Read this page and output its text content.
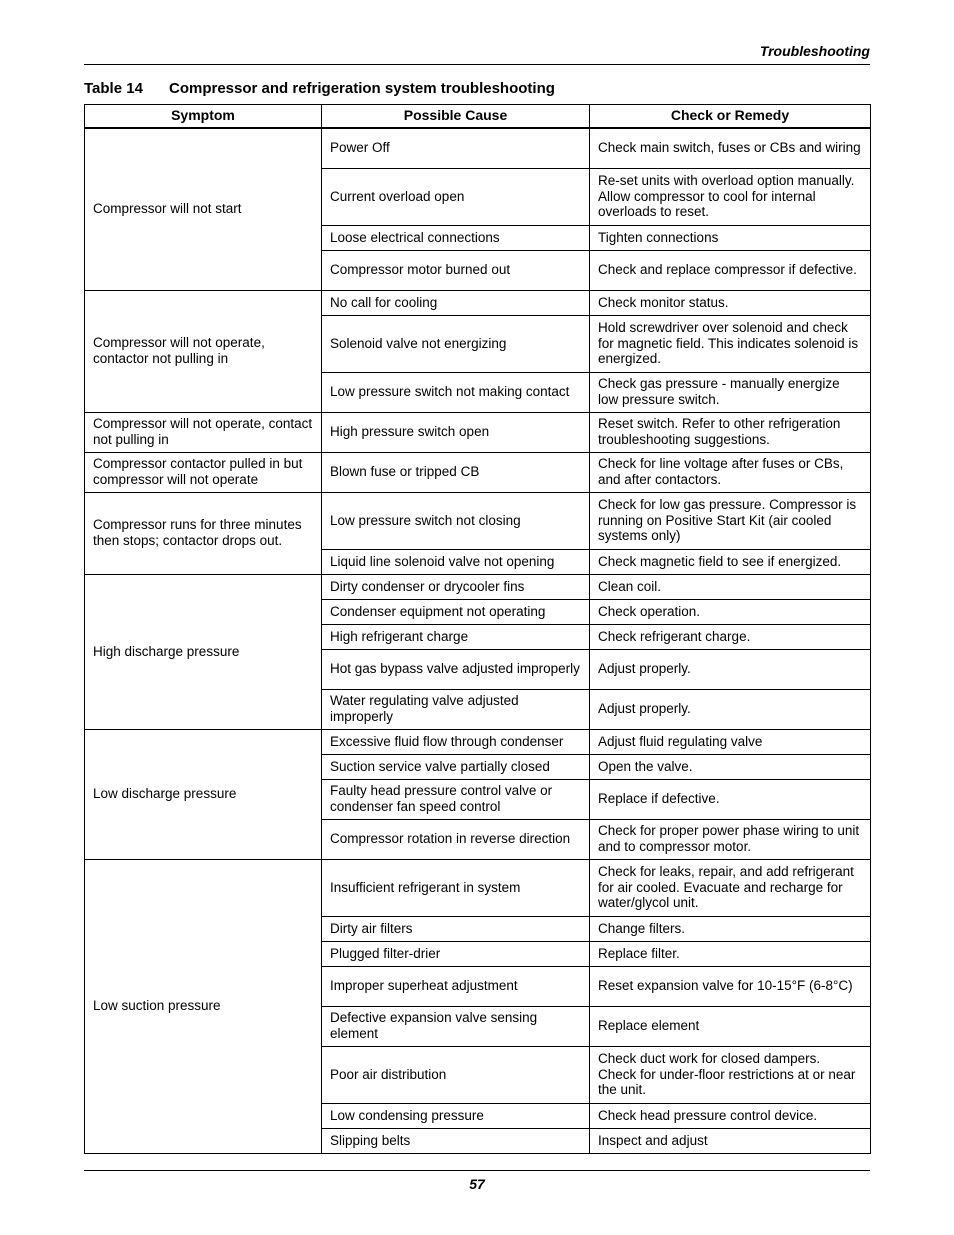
Troubleshooting
Table 14 Compressor and refrigeration system troubleshooting
Symptom	Possible Cause	Check or Remedy
Compressor will not start	Power Off	Check main switch, fuses or CBs and wiring
	Current overload open	Re-set units with overload option manually. Allow compressor to cool for internal overloads to reset.
	Loose electrical connections	Tighten connections
	Compressor motor burned out	Check and replace compressor if defective.
Compressor will not operate, contactor not pulling in	No call for cooling	Check monitor status.
	Solenoid valve not energizing	Hold screwdriver over solenoid and check for magnetic field. This indicates solenoid is energized.
	Low pressure switch not making contact	Check gas pressure - manually energize low pressure switch.
Compressor will not operate, contact not pulling in	High pressure switch open	Reset switch. Refer to other refrigeration troubleshooting suggestions.
Compressor contactor pulled in but compressor will not operate	Blown fuse or tripped CB	Check for line voltage after fuses or CBs, and after contactors.
Compressor runs for three minutes then stops; contactor drops out.	Low pressure switch not closing	Check for low gas pressure. Compressor is running on Positive Start Kit (air cooled systems only)
	Liquid line solenoid valve not opening	Check magnetic field to see if energized.
High discharge pressure	Dirty condenser or drycooler fins	Clean coil.
	Condenser equipment not operating	Check operation.
	High refrigerant charge	Check refrigerant charge.
	Hot gas bypass valve adjusted improperly	Adjust properly.
	Water regulating valve adjusted improperly	Adjust properly.
Low discharge pressure	Excessive fluid flow through condenser	Adjust fluid regulating valve
	Suction service valve partially closed	Open the valve.
	Faulty head pressure control valve or condenser fan speed control	Replace if defective.
	Compressor rotation in reverse direction	Check for proper power phase wiring to unit and to compressor motor.
Low suction pressure	Insufficient refrigerant in system	Check for leaks, repair, and add refrigerant for air cooled. Evacuate and recharge for water/glycol unit.
	Dirty air filters	Change filters.
	Plugged filter-drier	Replace filter.
	Improper superheat adjustment	Reset expansion valve for 10-15°F (6-8°C)
	Defective expansion valve sensing element	Replace element
	Poor air distribution	Check duct work for closed dampers. Check for under-floor restrictions at or near the unit.
	Low condensing pressure	Check head pressure control device.
	Slipping belts	Inspect and adjust
57
